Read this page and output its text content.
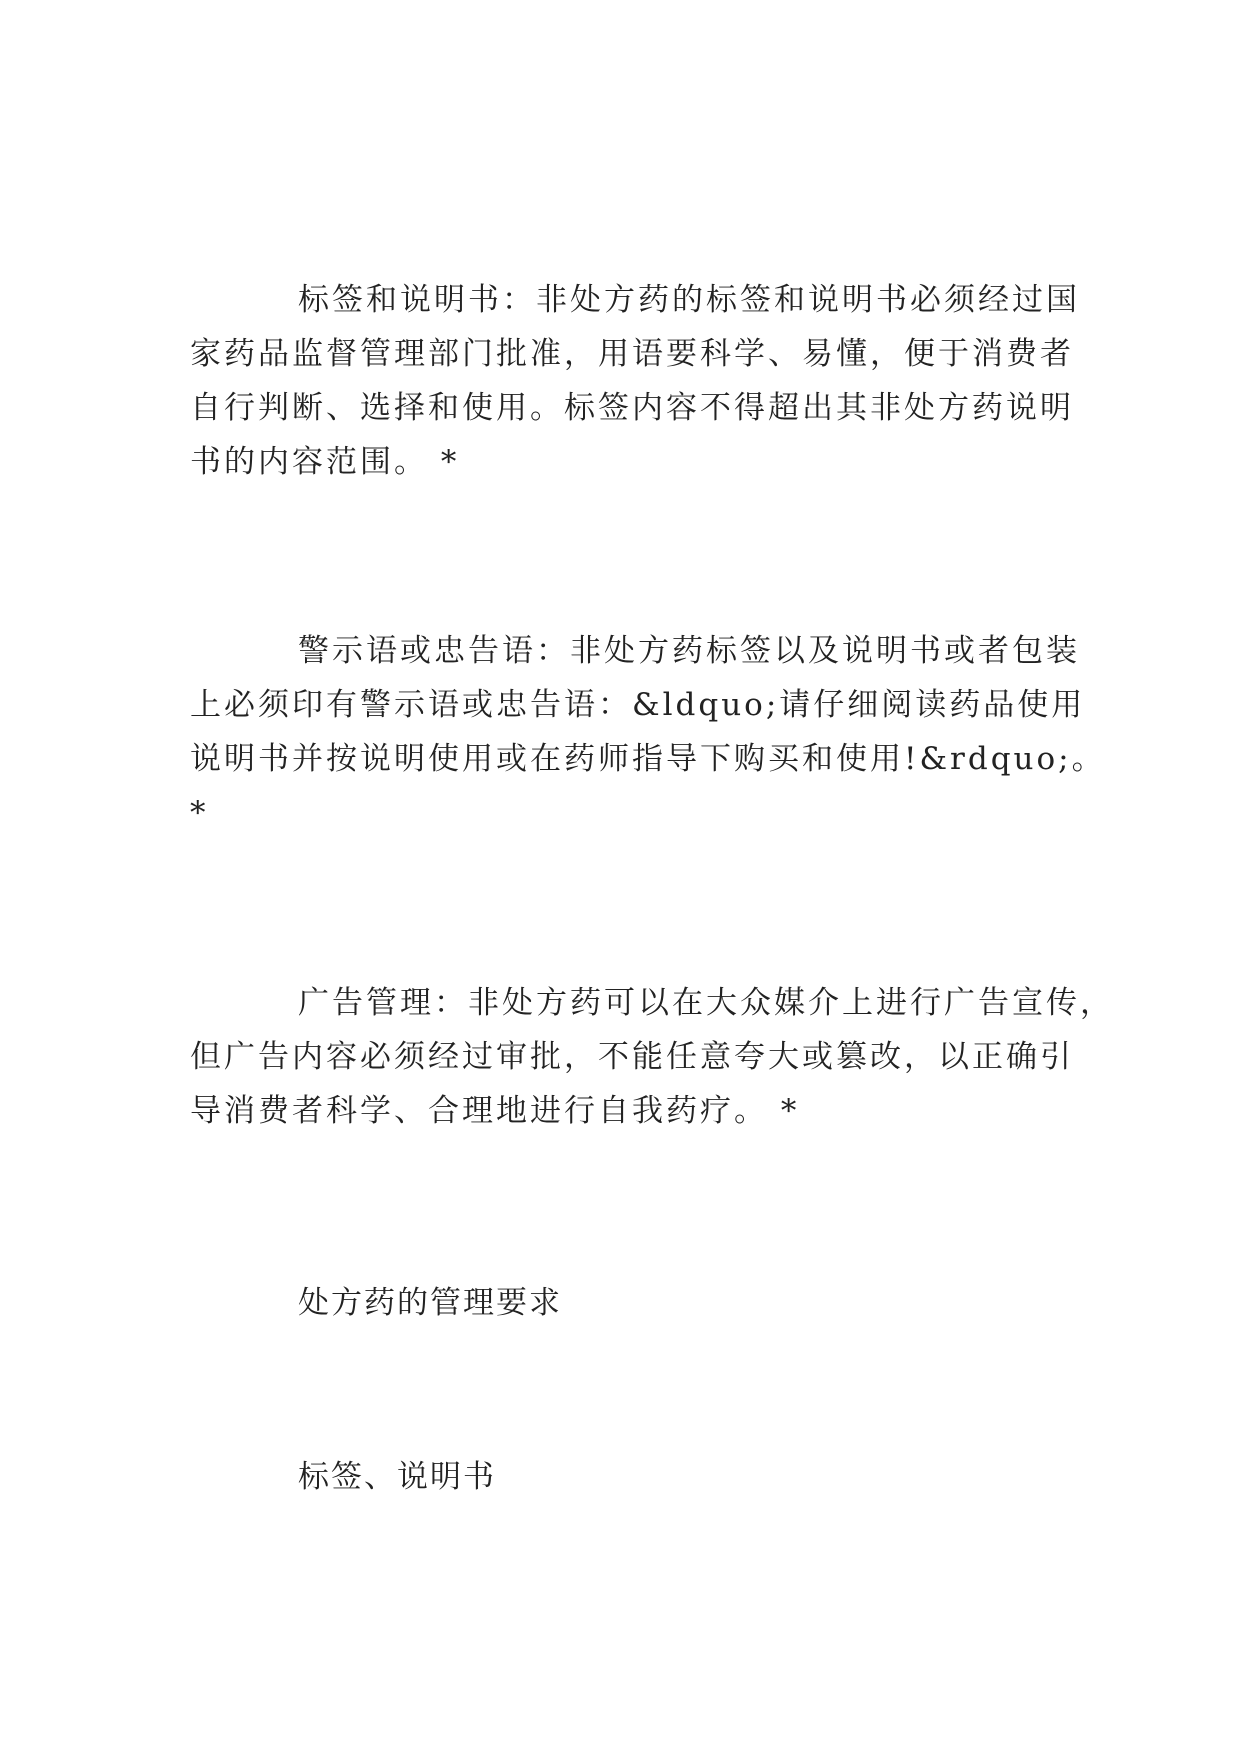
标签和说明书：非处方药的标签和说明书必须经过国
家药品监督管理部门批准，用语要科学、易懂，便于消费者
自行判断、选择和使用。标签内容不得超出其非处方药说明
书的内容范围。 *
警示语或忠告语：非处方药标签以及说明书或者包装
上必须印有警示语或忠告语：&ldquo;请仔细阅读药品使用
说明书并按说明使用或在药师指导下购买和使用!&rdquo;。
*
广告管理：非处方药可以在大众媒介上进行广告宣传，
但广告内容必须经过审批，不能任意夸大或篡改，以正确引
导消费者科学、合理地进行自我药疗。 *
处方药的管理要求
标签、说明书
